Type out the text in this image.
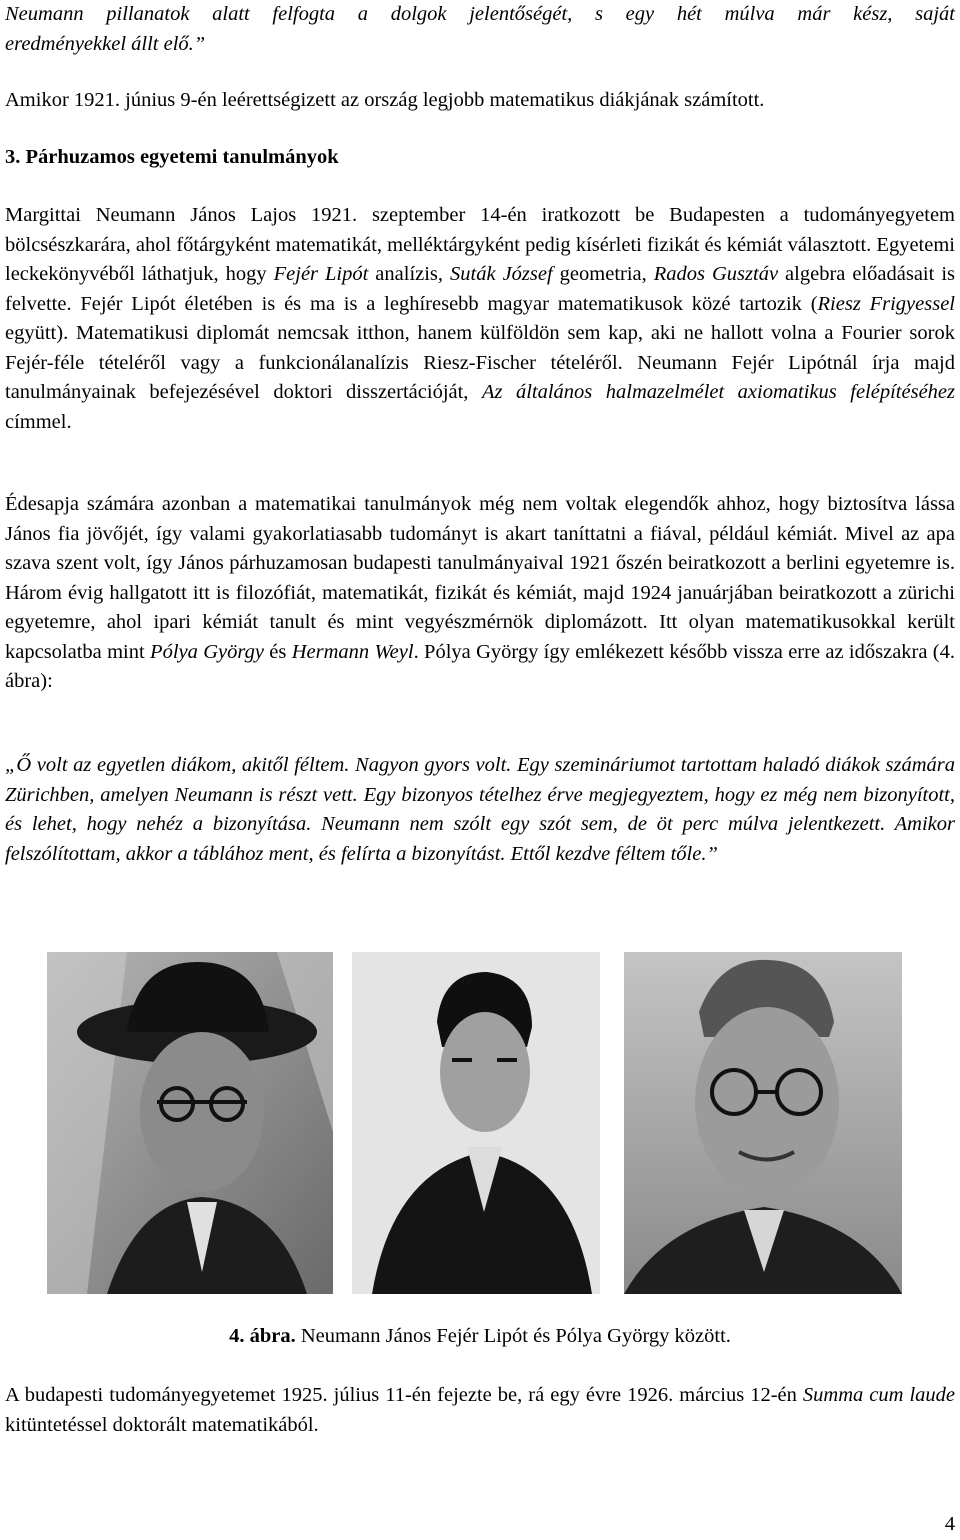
Neumann pillanatok alatt felfogta a dolgok jelentőségét, s egy hét múlva már kész, saját

eredményekkel állt elő.”

Amikor 1921. június 9-én leérettségizett az ország legjobb matematikus diákjának számított.

3. Párhuzamos egyetemi tanulmányok

Margittai Neumann János Lajos 1921. szeptember 14-én iratkozott be Budapesten a tudományegyetem bölcsészkarára, ahol főtárgyként matematikát, melléktárgyként pedig kísérleti fizikát és kémiát választott. Egyetemi leckekönyvéből láthatjuk, hogy Fejér Lipót analízis, Suták József geometria, Rados Gusztáv algebra előadásait is felvette. Fejér Lipót életében is és ma is a leghíresebb magyar matematikusok közé tartozik (Riesz Frigyessel együtt). Matematikusi diplomát nemcsak itthon, hanem külföldön sem kap, aki ne hallott volna a Fourier sorok Fejér-féle tételéről vagy a funkcionálanalízis Riesz-Fischer tételéről. Neumann Fejér Lipótnál írja majd tanulmányainak befejezésével doktori disszertációját, Az általános halmazelmélet axiomatikus felépítéséhez címmel.

Édesapja számára azonban a matematikai tanulmányok még nem voltak elegendők ahhoz, hogy biztosítva lássa János fia jövőjét, így valami gyakorlatiasabb tudományt is akart taníttatni a fiával, például kémiát. Mivel az apa szava szent volt, így János párhuzamosan budapesti tanulmányaival 1921 őszén beiratkozott a berlini egyetemre is. Három évig hallgatott itt is filozófiát, matematikát, fizikát és kémiát, majd 1924 januárjában beiratkozott a zürichi egyetemre, ahol ipari kémiát tanult és mint vegyészmérnök diplomázott. Itt olyan matematikusokkal került kapcsolatba mint Pólya György és Hermann Weyl. Pólya György így emlékezett később vissza erre az időszakra (4. ábra):

„Ő volt az egyetlen diákom, akitől féltem. Nagyon gyors volt. Egy szemináriumot tartottam haladó diákok számára Zürichben, amelyen Neumann is részt vett. Egy bizonyos tételhez érve megjegyeztem, hogy ez még nem bizonyított, és lehet, hogy nehéz a bizonyítása. Neumann nem szólt egy szót sem, de öt perc múlva jelentkezett. Amikor felszólítottam, akkor a táblához ment, és felírta a bizonyítást. Ettől kezdve féltem tőle.”

4. ábra. Neumann János Fejér Lipót és Pólya György között.

A budapesti tudományegyetemet 1925. július 11-én fejezte be, rá egy évre 1926. március 12-én Summa cum laude kitüntetéssel doktorált matematikából.

4
